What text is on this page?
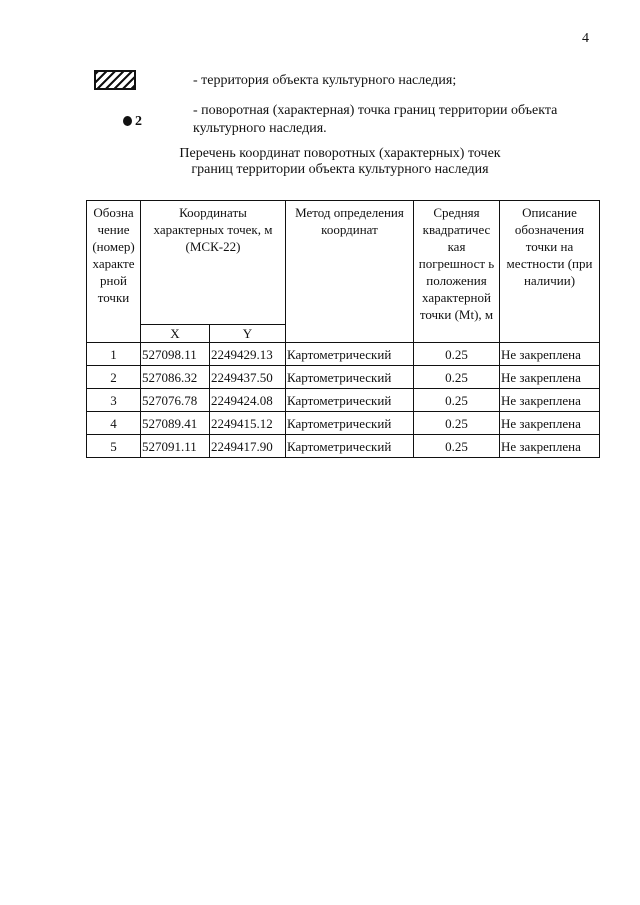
4
- территория объекта культурного наследия;
2
- поворотная (характерная) точка границ территории объекта культурного наследия.
Перечень координат поворотных (характерных) точек
границ территории объекта культурного наследия
Обозна чение (номер) характе рной точки	Координаты характерных точек, м (МСК-22)		Метод определения координат	Средняя квадратичес кая погрешност ь положения характерной точки (Mt), м	Описание обозначения точки на местности (при наличии)
	X	Y			
1	527098.11	2249429.13	Картометрический	0.25	Не закреплена
2	527086.32	2249437.50	Картометрический	0.25	Не закреплена
3	527076.78	2249424.08	Картометрический	0.25	Не закреплена
4	527089.41	2249415.12	Картометрический	0.25	Не закреплена
5	527091.11	2249417.90	Картометрический	0.25	Не закреплена
